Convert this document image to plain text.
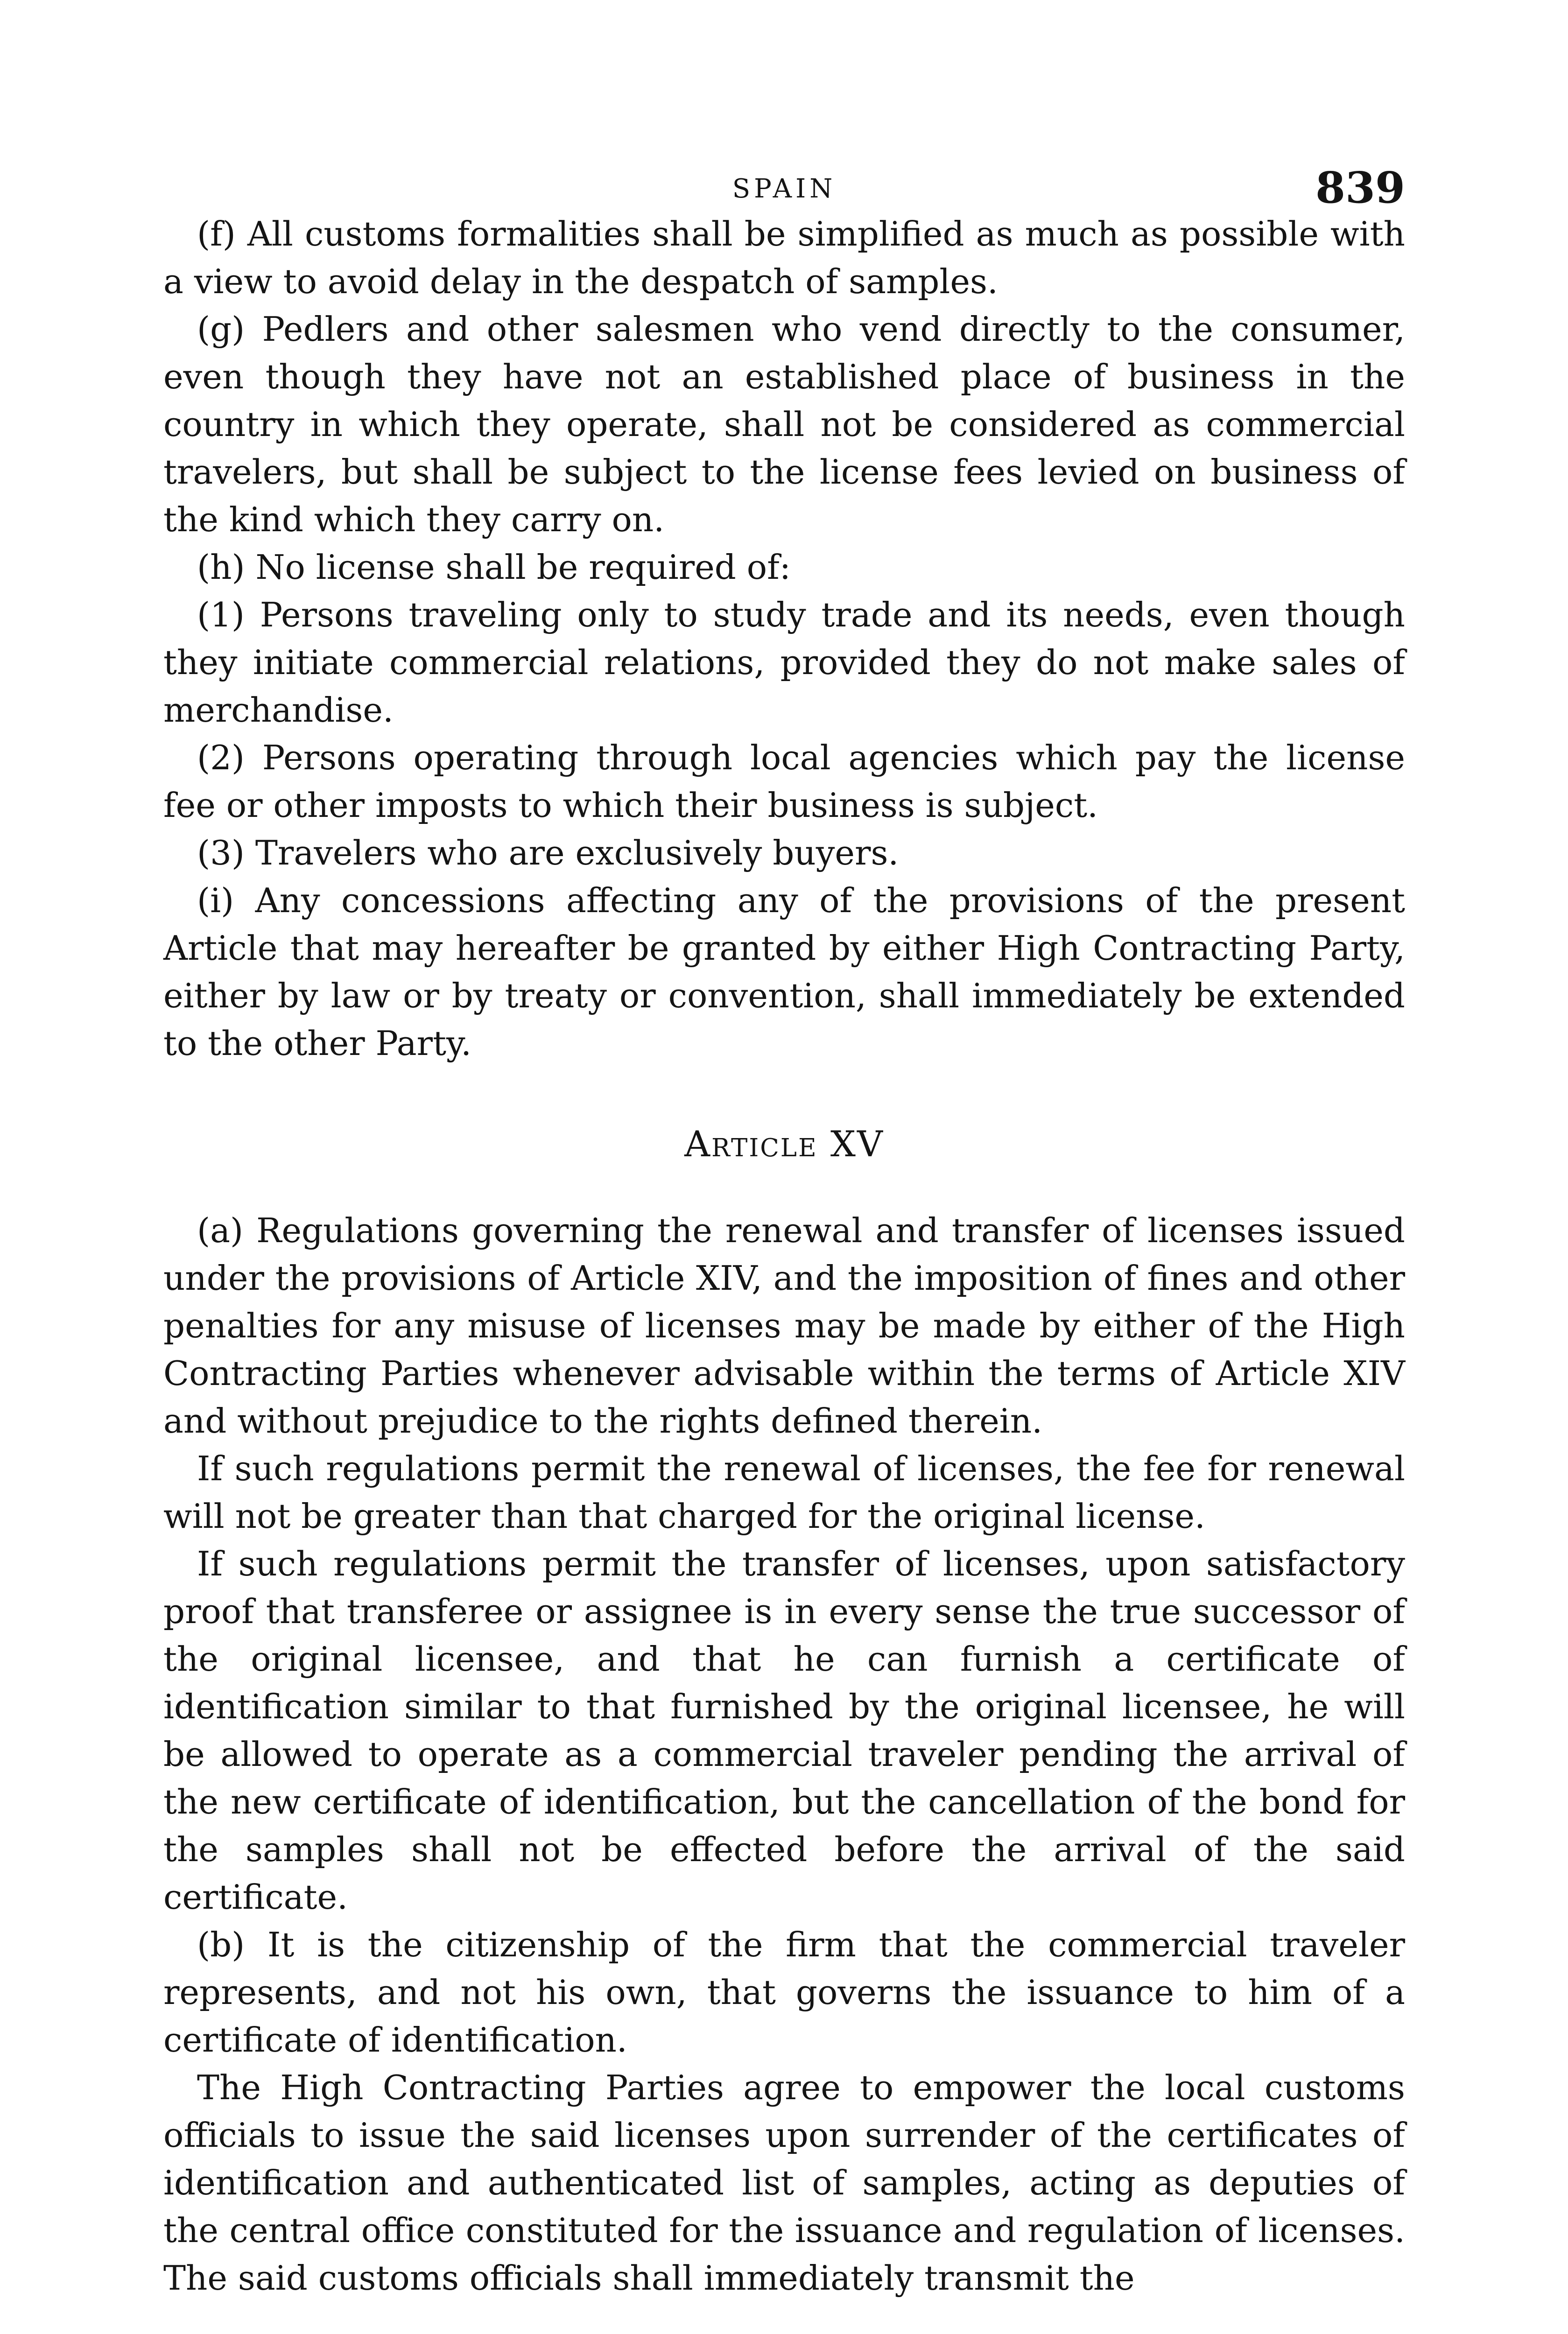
SPAIN	839

(f) All customs formalities shall be simplified as much as possible with a view to avoid delay in the despatch of samples.

(g) Pedlers and other salesmen who vend directly to the consumer, even though they have not an established place of business in the country in which they operate, shall not be considered as commercial travelers, but shall be subject to the license fees levied on business of the kind which they carry on.

(h) No license shall be required of:

(1) Persons traveling only to study trade and its needs, even though they initiate commercial relations, provided they do not make sales of merchandise.

(2) Persons operating through local agencies which pay the license fee or other imposts to which their business is subject.

(3) Travelers who are exclusively buyers.

(i) Any concessions affecting any of the provisions of the present Article that may hereafter be granted by either High Contracting Party, either by law or by treaty or convention, shall immediately be extended to the other Party.

Article XV

(a) Regulations governing the renewal and transfer of licenses issued under the provisions of Article XIV, and the imposition of fines and other penalties for any misuse of licenses may be made by either of the High Contracting Parties whenever advisable within the terms of Article XIV and without prejudice to the rights defined therein.

If such regulations permit the renewal of licenses, the fee for renewal will not be greater than that charged for the original license.

If such regulations permit the transfer of licenses, upon satisfactory proof that transferee or assignee is in every sense the true successor of the original licensee, and that he can furnish a certificate of identification similar to that furnished by the original licensee, he will be allowed to operate as a commercial traveler pending the arrival of the new certificate of identification, but the cancellation of the bond for the samples shall not be effected before the arrival of the said certificate.

(b) It is the citizenship of the firm that the commercial traveler represents, and not his own, that governs the issuance to him of a certificate of identification.

The High Contracting Parties agree to empower the local customs officials to issue the said licenses upon surrender of the certificates of identification and authenticated list of samples, acting as deputies of the central office constituted for the issuance and regulation of licenses. The said customs officials shall immediately transmit the
